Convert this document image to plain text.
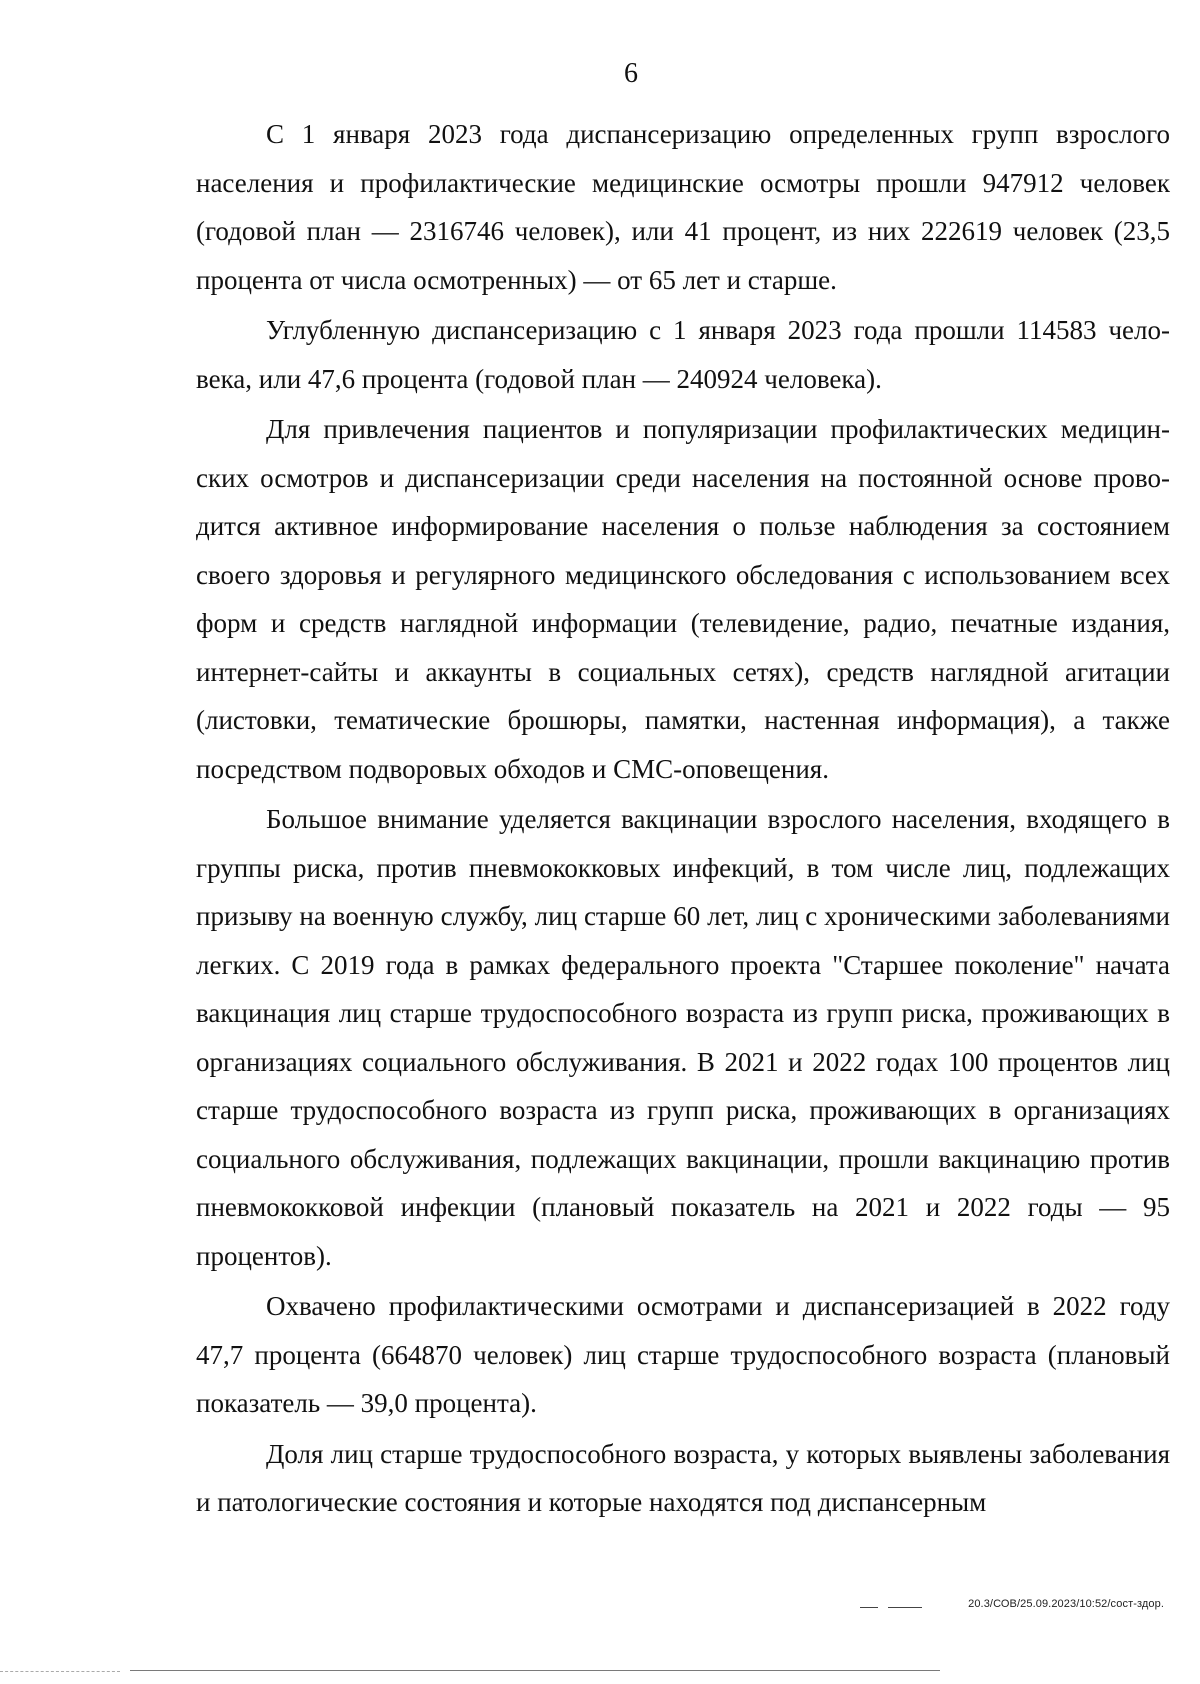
6

С 1 января 2023 года диспансеризацию определенных групп взрослого населения и профилактические медицинские осмотры прошли 947912 человек (годовой план — 2316746 человек), или 41 процент, из них 222619 человек (23,5 процента от числа осмотренных) — от 65 лет и старше.

Углубленную диспансеризацию с 1 января 2023 года прошли 114583 человека, или 47,6 процента (годовой план — 240924 человека).

Для привлечения пациентов и популяризации профилактических медицинских осмотров и диспансеризации среди населения на постоянной основе проводится активное информирование населения о пользе наблюдения за состоянием своего здоровья и регулярного медицинского обследования с использованием всех форм и средств наглядной информации (телевидение, радио, печатные издания, интернет-сайты и аккаунты в социальных сетях), средств наглядной агитации (листовки, тематические брошюры, памятки, настенная информация), а также посредством подворовых обходов и СМС-оповещения.

Большое внимание уделяется вакцинации взрослого населения, входящего в группы риска, против пневмококковых инфекций, в том числе лиц, подлежащих призыву на военную службу, лиц старше 60 лет, лиц с хроническими заболеваниями легких. С 2019 года в рамках федерального проекта "Старшее поколение" начата вакцинация лиц старше трудоспособного возраста из групп риска, проживающих в организациях социального обслуживания. В 2021 и 2022 годах 100 процентов лиц старше трудоспособного возраста из групп риска, проживающих в организациях социального обслуживания, подлежащих вакцинации, прошли вакцинацию против пневмококковой инфекции (плановый показатель на 2021 и 2022 годы — 95 процентов).

Охвачено профилактическими осмотрами и диспансеризацией в 2022 году 47,7 процента (664870 человек) лиц старше трудоспособного возраста (плановый показатель — 39,0 процента).

Доля лиц старше трудоспособного возраста, у которых выявлены заболевания и патологические состояния и которые находятся под диспансерным

20.3/СОВ/25.09.2023/10:52/сост-здор.
